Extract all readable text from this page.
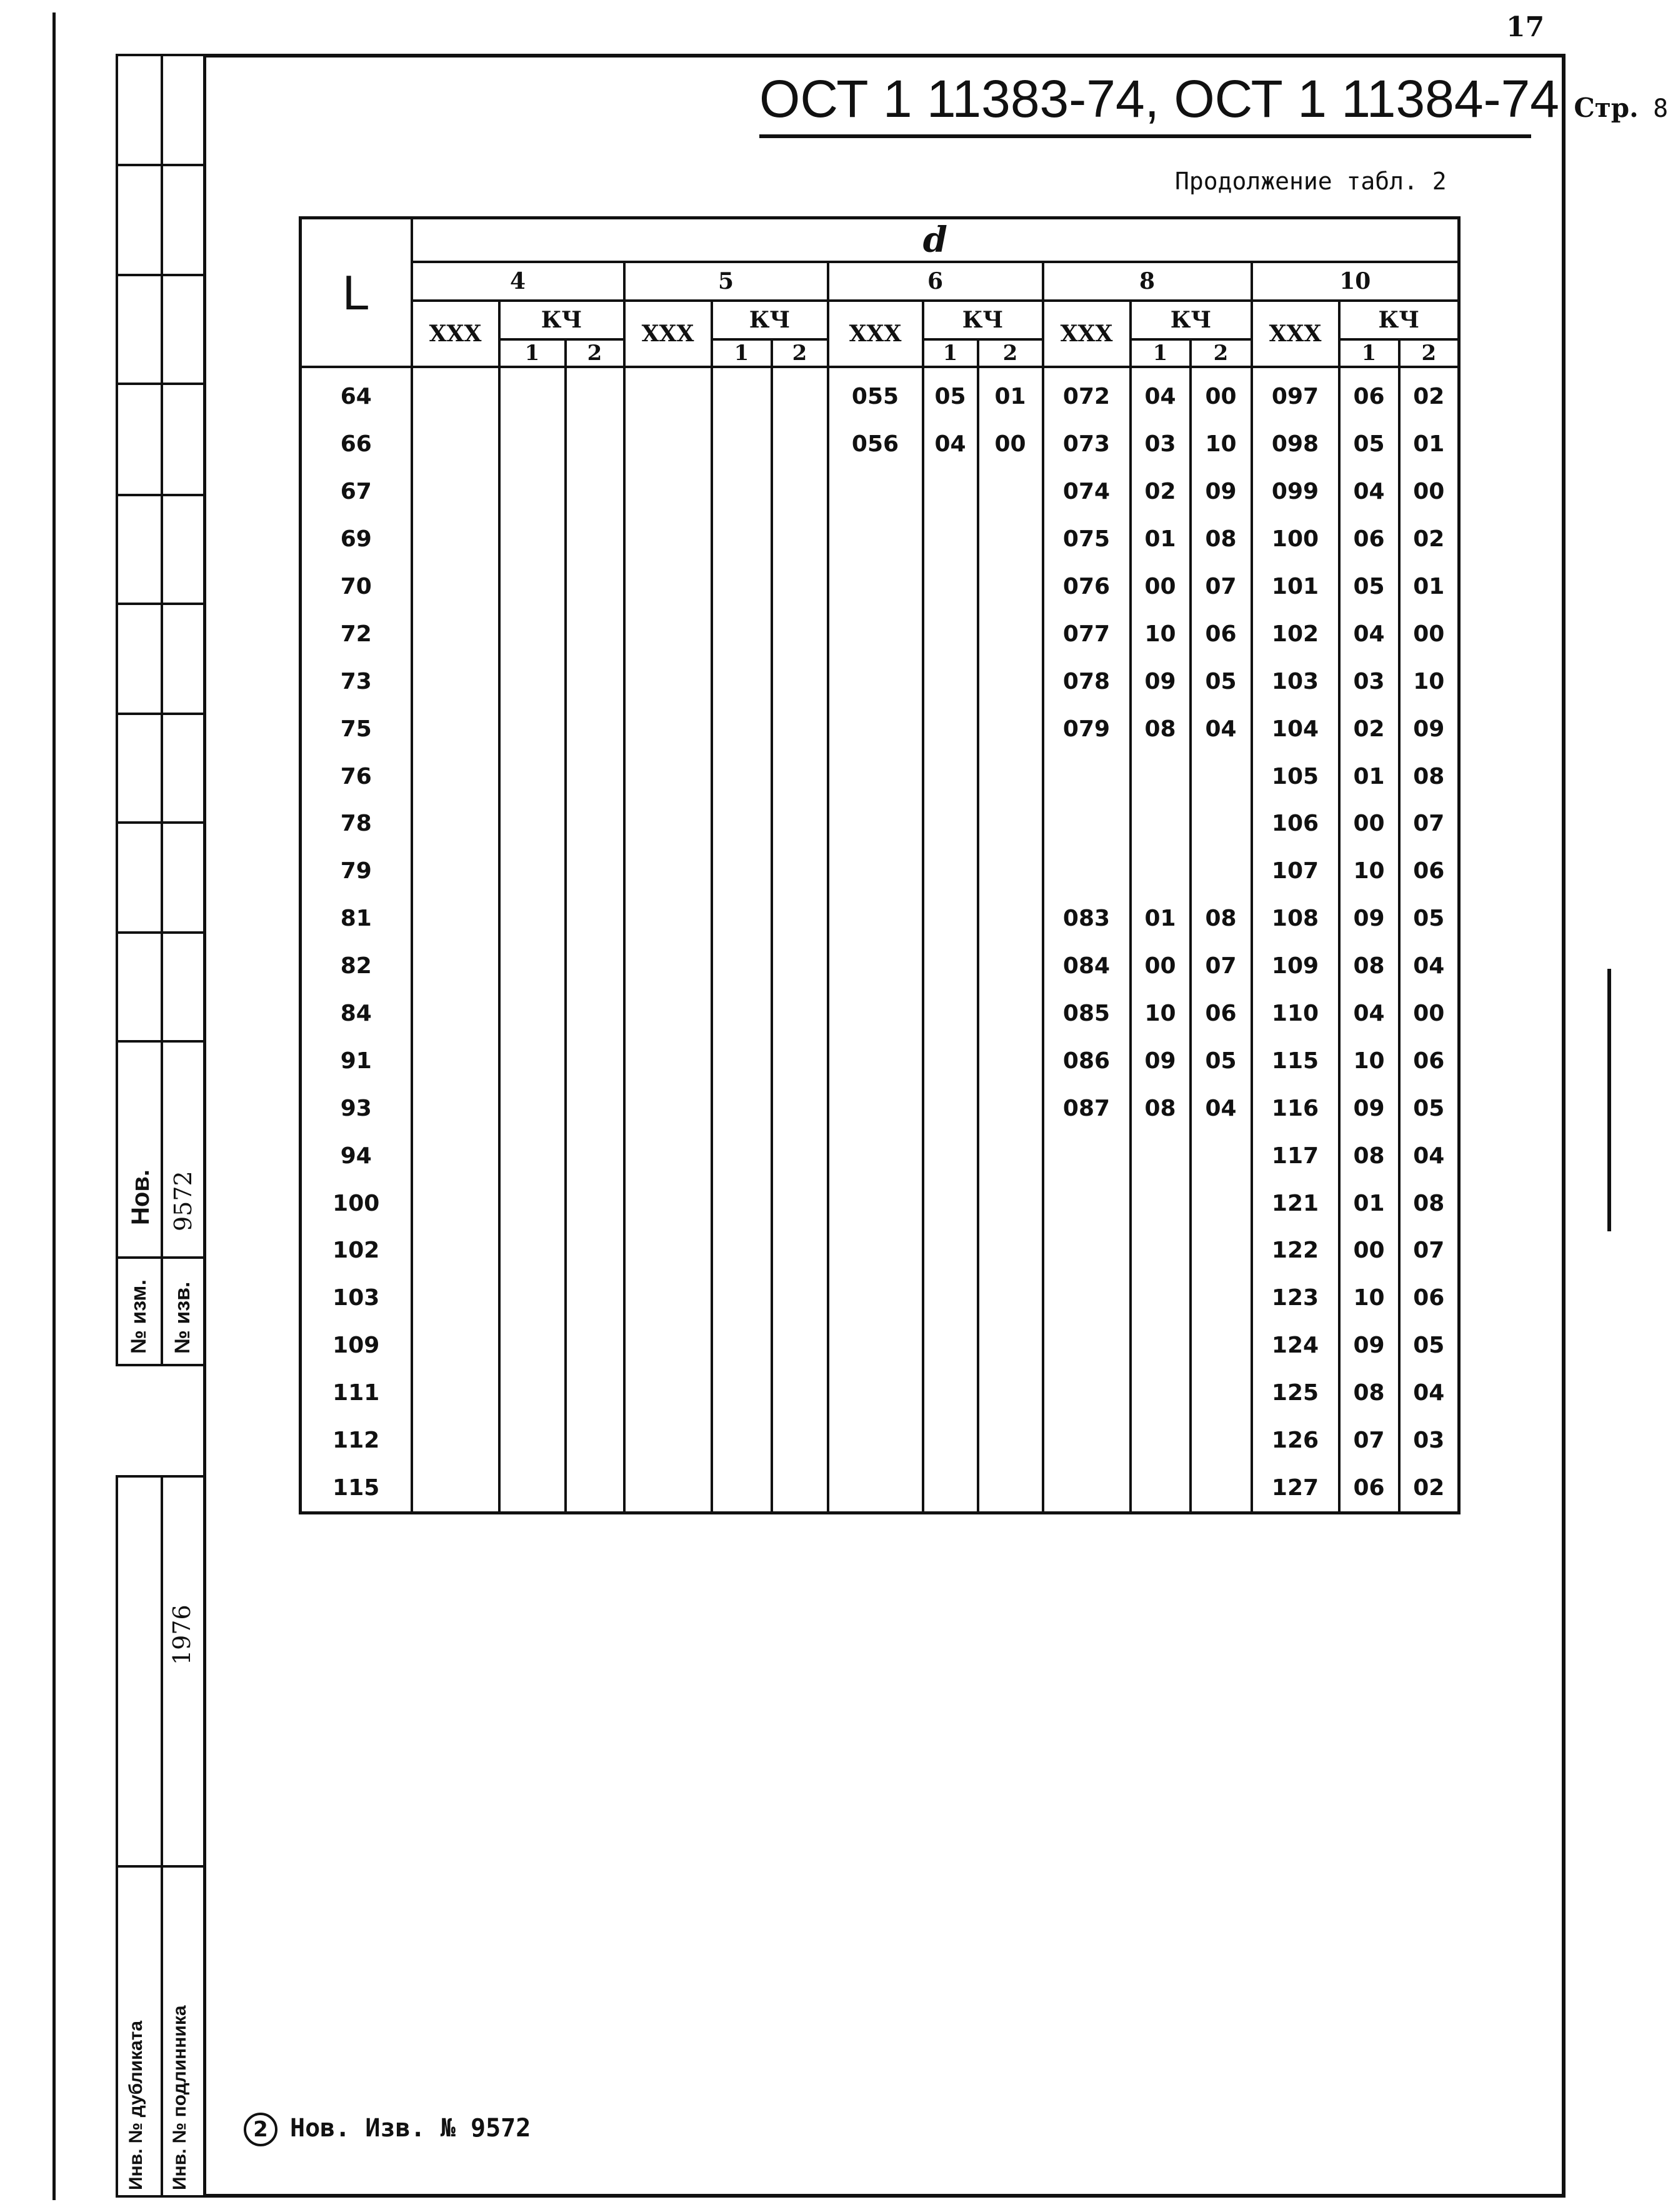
17
Нов. 9572
№ изм. № изв.
1976
Инв. № дубликата Инв. № подлинника
ОСТ 1 11383-74, ОСТ 1 11384-74 Стр. 8
Продолжение табл. 2
L	d														
	4			5			6			8			10		
	XXX	КЧ		XXX	КЧ		XXX	КЧ		XXX	КЧ		XXX	КЧ	
		1	2		1	2		1	2		1	2		1	2
64							055	05	01	072	04	00	097	06	02
66							056	04	00	073	03	10	098	05	01
67										074	02	09	099	04	00
69										075	01	08	100	06	02
70										076	00	07	101	05	01
72										077	10	06	102	04	00
73										078	09	05	103	03	10
75										079	08	04	104	02	09
76													105	01	08
78													106	00	07
79													107	10	06
81										083	01	08	108	09	05
82										084	00	07	109	08	04
84										085	10	06	110	04	00
91										086	09	05	115	10	06
93										087	08	04	116	09	05
94													117	08	04
100													121	01	08
102													122	00	07
103													123	10	06
109													124	09	05
111													125	08	04
112													126	07	03
115													127	06	02
2 Нов. Изв. № 9572
